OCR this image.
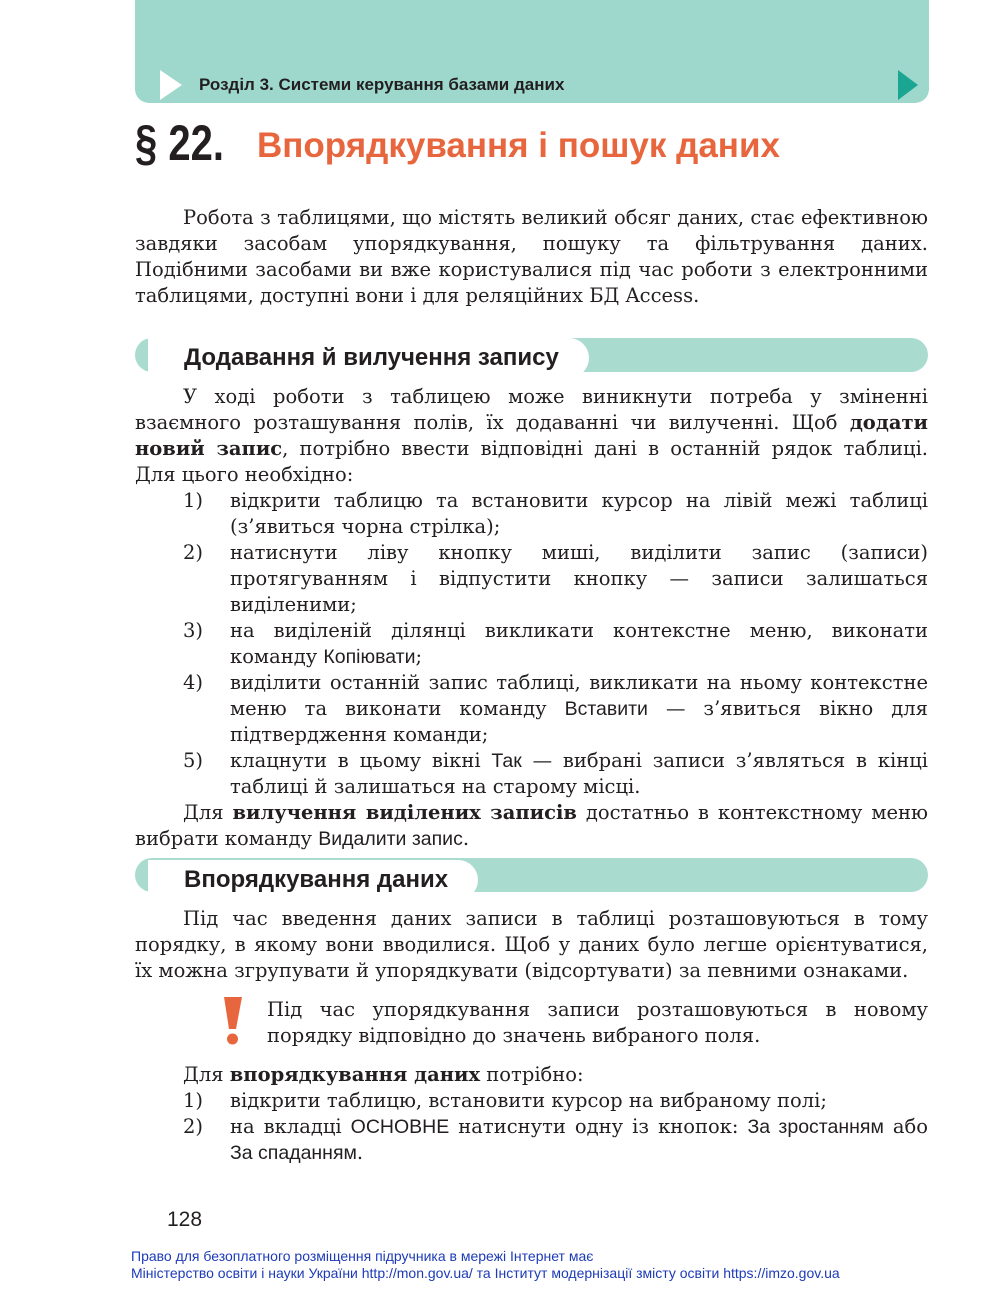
Розділ 3. Системи керування базами даних
§ 22. Впорядкування і пошук даних

Робота з таблицями, що містять великий обсяг даних, стає ефективною завдяки засобам упорядкування, пошуку та фільтрування даних. Подібними засобами ви вже користувалися під час роботи з електронними таблицями, доступні вони і для реляційних БД Access.

Додавання й вилучення запису

У ході роботи з таблицею може виникнути потреба у зміненні взаємного розташування полів, їх додаванні чи вилученні. Щоб додати новий запис, потрібно ввести відповідні дані в останній рядок таблиці. Для цього необхідно:

1)	відкрити таблицю та встановити курсор на лівій межі таблиці (з’явиться чорна стрілка);
2)	натиснути ліву кнопку миші, виділити запис (записи) протягуванням і відпустити кнопку — записи залишаться виділеними;
3)	на виділеній ділянці викликати контекстне меню, виконати команду Копіювати;
4)	виділити останній запис таблиці, викликати на ньому контекстне меню та виконати команду Вставити — з’явиться вікно для підтвердження команди;
5)	клацнути в цьому вікні Так — вибрані записи з’являться в кінці таблиці й залишаться на старому місці.

Для вилучення виділених записів достатньо в контекстному меню вибрати команду Видалити запис.

Впорядкування даних

Під час введення даних записи в таблиці розташовуються в тому порядку, в якому вони вводилися. Щоб у даних було легше орієнтуватися, їх можна згрупувати й упорядкувати (відсортувати) за певними ознаками.

Під час упорядкування записи розташовуються в новому порядку відповідно до значень вибраного поля.

Для впорядкування даних потрібно:

1)	відкрити таблицю, встановити курсор на вибраному полі;
2)	на вкладці ОСНОВНЕ натиснути одну із кнопок: За зростанням або За спаданням.
128
Право для безоплатного розміщення підручника в мережі Інтернет має
Міністерство освіти і науки України http://mon.gov.ua/ та Інститут модернізації змісту освіти https://imzo.gov.ua
